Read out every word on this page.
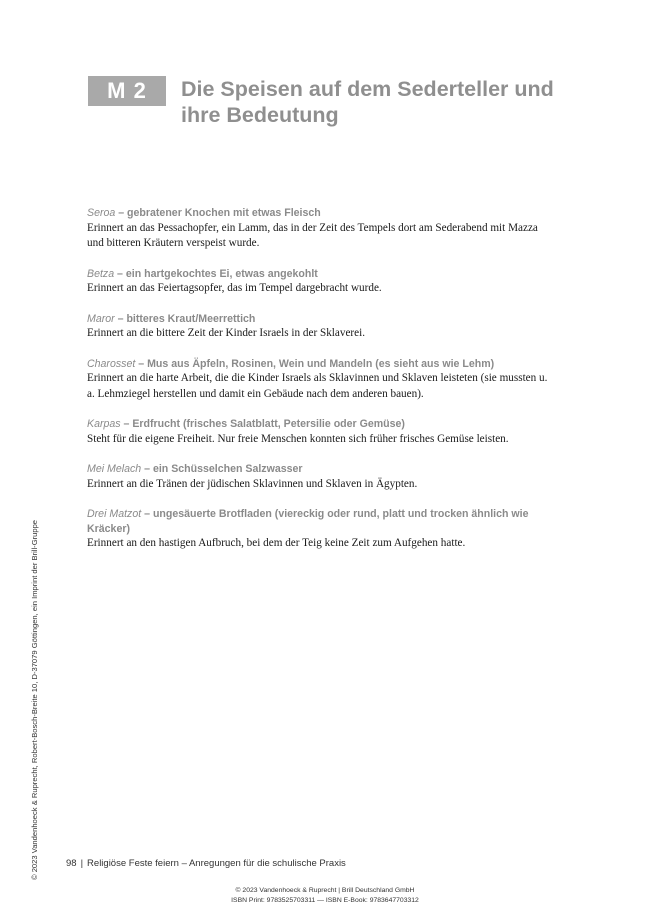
M 2	Die Speisen auf dem Sederteller und ihre Bedeutung
Seroa – gebratener Knochen mit etwas Fleisch
Erinnert an das Pessachopfer, ein Lamm, das in der Zeit des Tempels dort am Sederabend mit Mazza und bitteren Kräutern verspeist wurde.
Betza – ein hartgekochtes Ei, etwas angekohlt
Erinnert an das Feiertagsopfer, das im Tempel dargebracht wurde.
Maror – bitteres Kraut/Meerrettich
Erinnert an die bittere Zeit der Kinder Israels in der Sklaverei.
Charosset – Mus aus Äpfeln, Rosinen, Wein und Mandeln (es sieht aus wie Lehm)
Erinnert an die harte Arbeit, die die Kinder Israels als Sklavinnen und Sklaven leisteten (sie mussten u. a. Lehmziegel herstellen und damit ein Gebäude nach dem anderen bauen).
Karpas – Erdfrucht (frisches Salatblatt, Petersilie oder Gemüse)
Steht für die eigene Freiheit. Nur freie Menschen konnten sich früher frisches Gemüse leisten.
Mei Melach – ein Schüsselchen Salzwasser
Erinnert an die Tränen der jüdischen Sklavinnen und Sklaven in Ägypten.
Drei Matzot – ungesäuerte Brotfladen (viereckig oder rund, platt und trocken ähnlich wie Kräcker)
Erinnert an den hastigen Aufbruch, bei dem der Teig keine Zeit zum Aufgehen hatte.
© 2023 Vandenhoeck & Ruprecht, Robert-Bosch-Breite 10, D-37079 Göttingen, ein Imprint der Brill-Gruppe	98 | Religiöse Feste feiern – Anregungen für die schulische Praxis
© 2023 Vandenhoeck & Ruprecht | Brill Deutschland GmbH
ISBN Print: 9783525703311 — ISBN E-Book: 9783647703312
